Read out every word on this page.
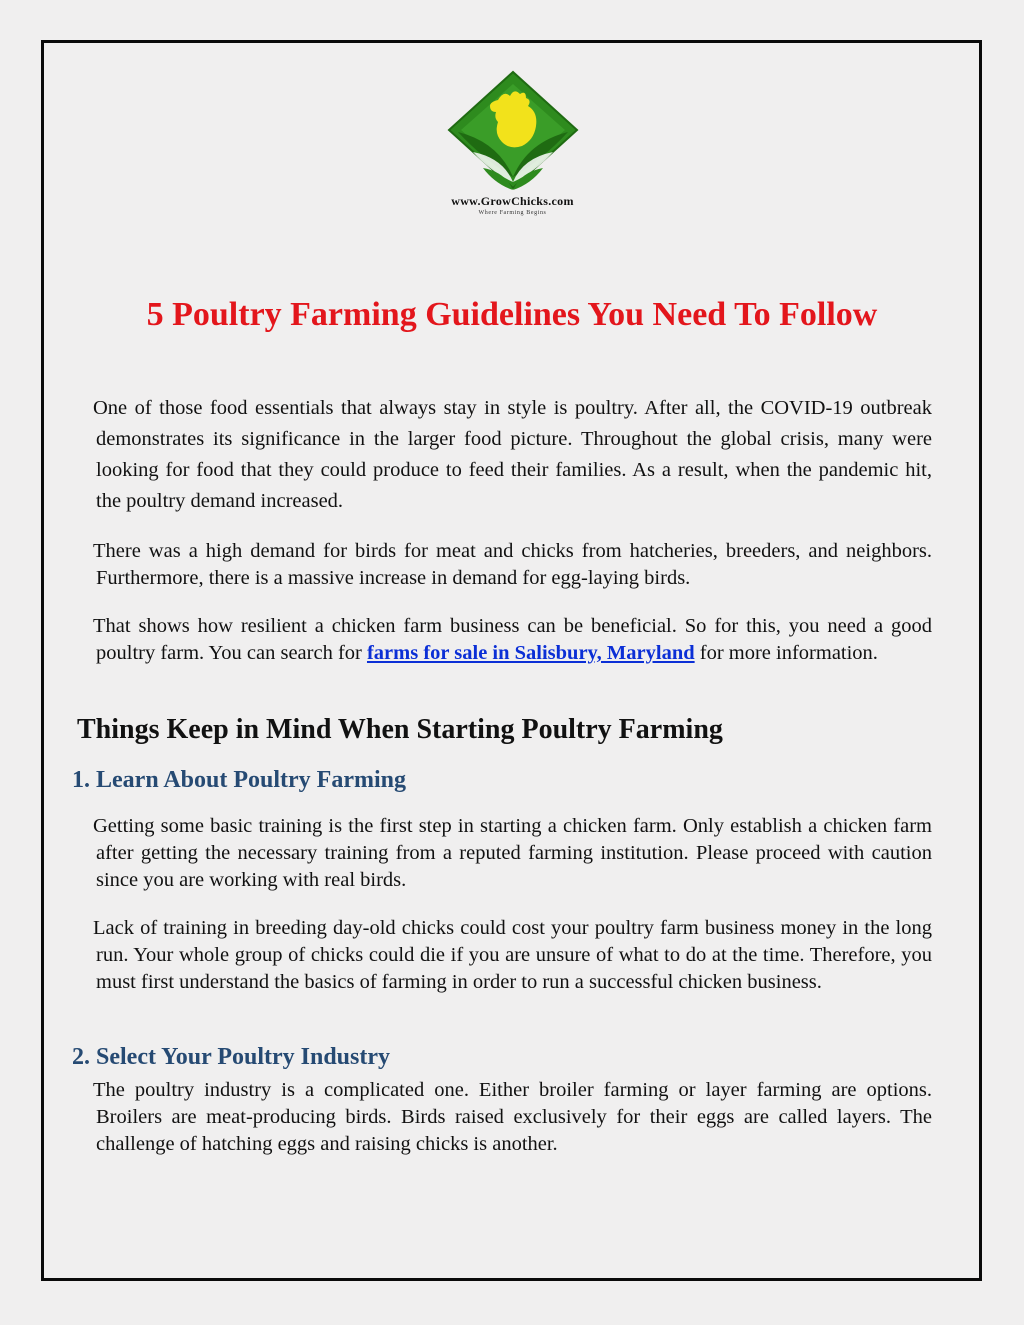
www.GrowChicks.com
Where Farming Begins
5 Poultry Farming Guidelines You Need To Follow

One of those food essentials that always stay in style is poultry. After all, the COVID-19 outbreak demonstrates its significance in the larger food picture. Throughout the global crisis, many were looking for food that they could produce to feed their families. As a result, when the pandemic hit, the poultry demand increased.

There was a high demand for birds for meat and chicks from hatcheries, breeders, and neighbors. Furthermore, there is a massive increase in demand for egg-laying birds.

That shows how resilient a chicken farm business can be beneficial. So for this, you need a good poultry farm. You can search for farms for sale in Salisbury, Maryland for more information.

Things Keep in Mind When Starting Poultry Farming
1. Learn About Poultry Farming

Getting some basic training is the first step in starting a chicken farm. Only establish a chicken farm after getting the necessary training from a reputed farming institution. Please proceed with caution since you are working with real birds.

Lack of training in breeding day-old chicks could cost your poultry farm business money in the long run. Your whole group of chicks could die if you are unsure of what to do at the time. Therefore, you must first understand the basics of farming in order to run a successful chicken business.

2. Select Your Poultry Industry

The poultry industry is a complicated one. Either broiler farming or layer farming are options. Broilers are meat-producing birds. Birds raised exclusively for their eggs are called layers. The challenge of hatching eggs and raising chicks is another.
